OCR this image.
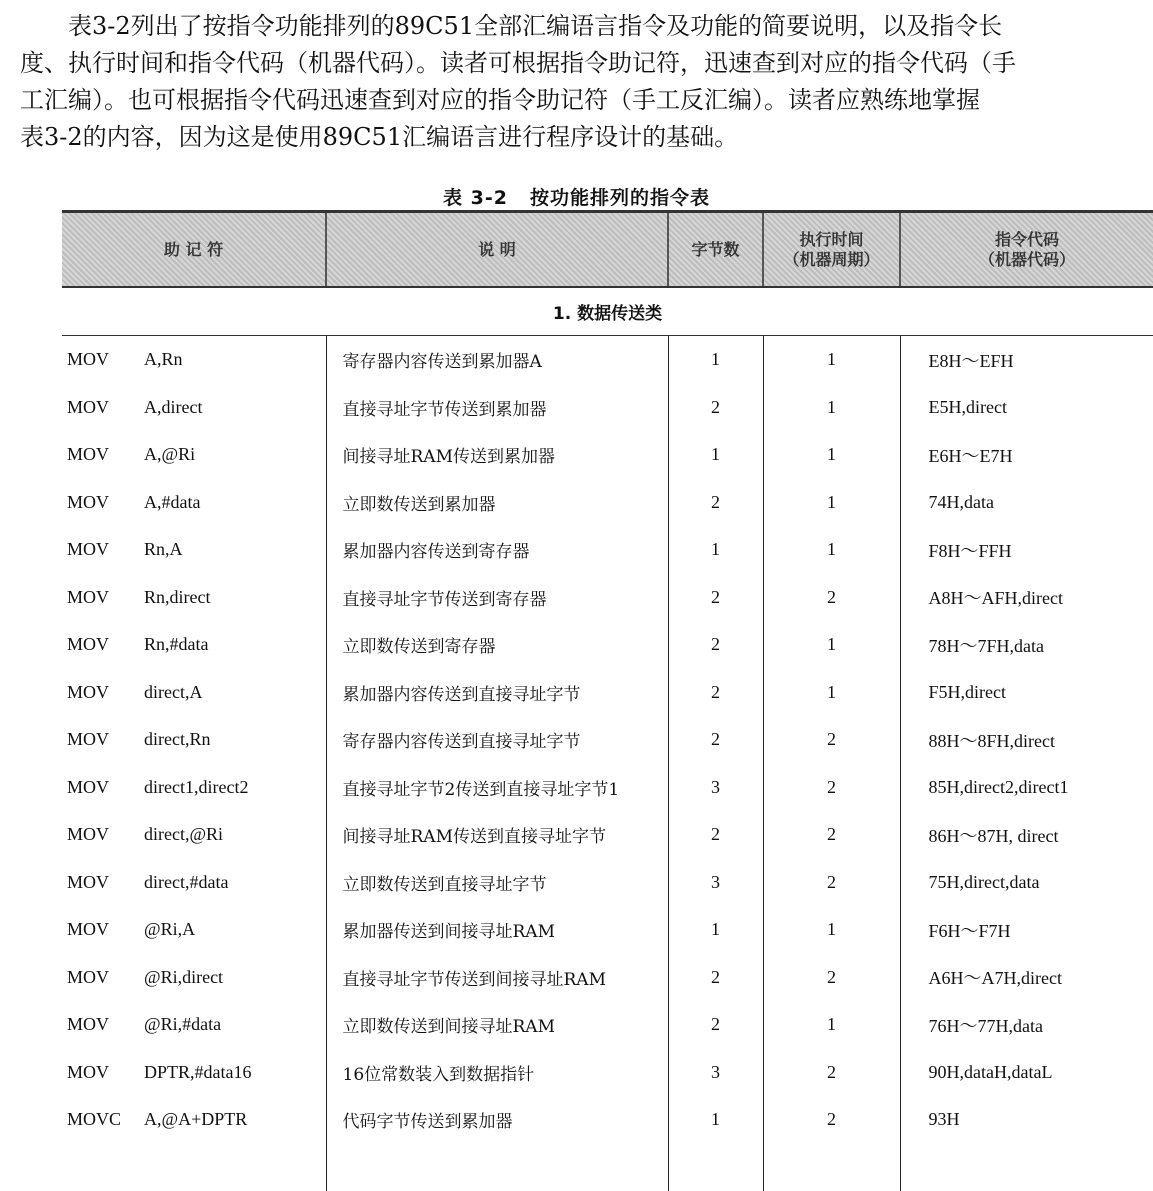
　　表3-2列出了按指令功能排列的89C51全部汇编语言指令及功能的简要说明，以及指令长
度、执行时间和指令代码（机器代码）。读者可根据指令助记符，迅速查到对应的指令代码（手
工汇编）。也可根据指令代码迅速查到对应的指令助记符（手工反汇编）。读者应熟练地掌握
表3-2的内容，因为这是使用89C51汇编语言进行程序设计的基础。
表 3-2 按功能排列的指令表
助 记 符	说 明	字节数	执行时间
（机器周期）	指令代码
（机器代码）
1. 数据传送类				
MOV A,Rn	寄存器内容传送到累加器A	1	1	E8H～EFH
MOV A,direct	直接寻址字节传送到累加器	2	1	E5H,direct
MOV A,@Ri	间接寻址RAM传送到累加器	1	1	E6H～E7H
MOV A,#data	立即数传送到累加器	2	1	74H,data
MOV Rn,A	累加器内容传送到寄存器	1	1	F8H～FFH
MOV Rn,direct	直接寻址字节传送到寄存器	2	2	A8H～AFH,direct
MOV Rn,#data	立即数传送到寄存器	2	1	78H～7FH,data
MOV direct,A	累加器内容传送到直接寻址字节	2	1	F5H,direct
MOV direct,Rn	寄存器内容传送到直接寻址字节	2	2	88H～8FH,direct
MOV direct1,direct2	直接寻址字节2传送到直接寻址字节1	3	2	85H,direct2,direct1
MOV direct,@Ri	间接寻址RAM传送到直接寻址字节	2	2	86H～87H, direct
MOV direct,#data	立即数传送到直接寻址字节	3	2	75H,direct,data
MOV @Ri,A	累加器传送到间接寻址RAM	1	1	F6H～F7H
MOV @Ri,direct	直接寻址字节传送到间接寻址RAM	2	2	A6H～A7H,direct
MOV @Ri,#data	立即数传送到间接寻址RAM	2	1	76H～77H,data
MOV DPTR,#data16	16位常数装入到数据指针	3	2	90H,dataH,dataL
MOVC A,@A+DPTR	代码字节传送到累加器	1	2	93H
